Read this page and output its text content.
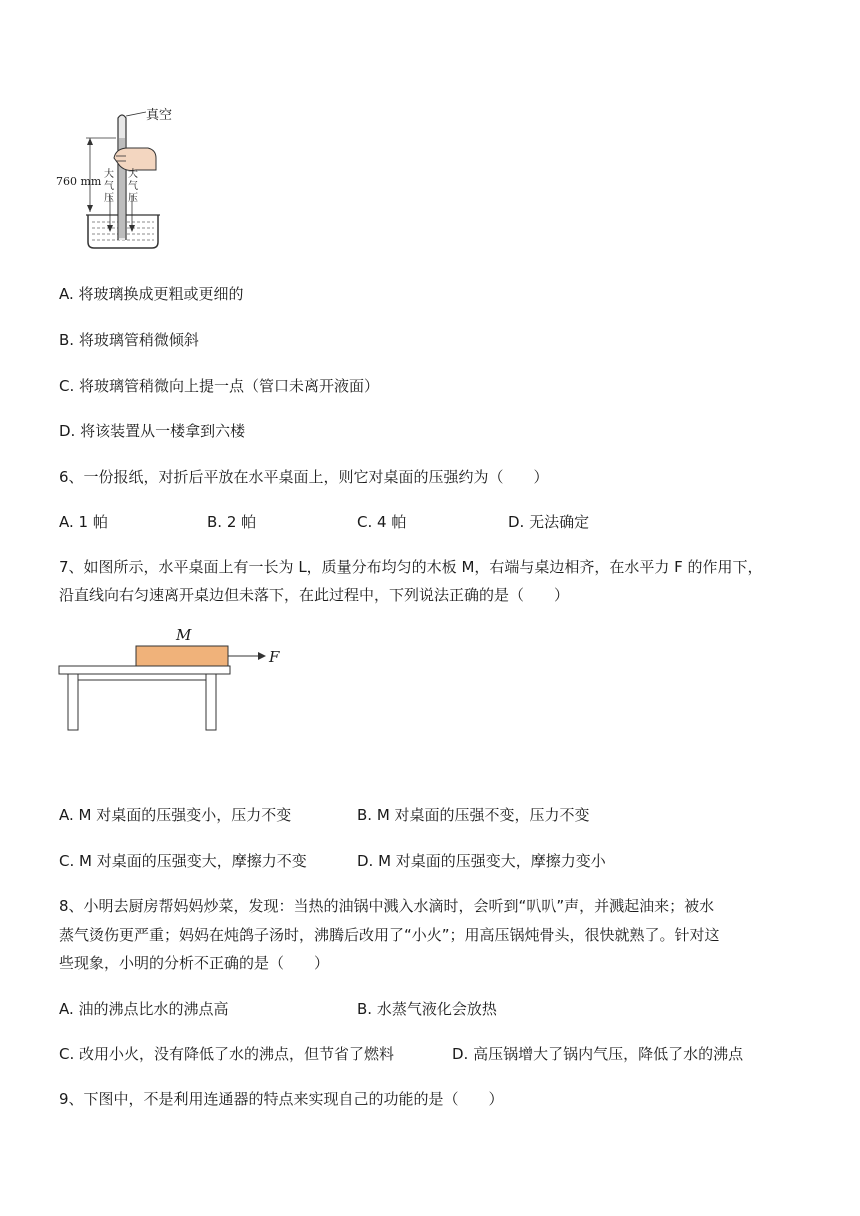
真空
760 mm
大
气
压
大
气
压
A. 将玻璃换成更粗或更细的
B. 将玻璃管稍微倾斜
C. 将玻璃管稍微向上提一点（管口未离开液面）
D. 将该装置从一楼拿到六楼
6、一份报纸，对折后平放在水平桌面上，则它对桌面的压强约为（　　）
A. 1 帕	B. 2 帕	C. 4 帕	D. 无法确定
7、如图所示，水平桌面上有一长为 L，质量分布均匀的木板 M，右端与桌边相齐，在水平力 F 的作用下，
沿直线向右匀速离开桌边但未落下，在此过程中，下列说法正确的是（　　）
M
F
A. M 对桌面的压强变小，压力不变	B. M 对桌面的压强不变，压力不变
C. M 对桌面的压强变大，摩擦力不变	D. M 对桌面的压强变大，摩擦力变小
8、小明去厨房帮妈妈炒菜，发现：当热的油锅中溅入水滴时，会听到“叭叭”声，并溅起油来；被水
蒸气烫伤更严重；妈妈在炖鸽子汤时，沸腾后改用了“小火”；用高压锅炖骨头，很快就熟了。针对这
些现象，小明的分析不正确的是（　　）
A. 油的沸点比水的沸点高	B. 水蒸气液化会放热
C. 改用小火，没有降低了水的沸点，但节省了燃料	D. 高压锅增大了锅内气压，降低了水的沸点
9、下图中，不是利用连通器的特点来实现自己的功能的是（　　）
